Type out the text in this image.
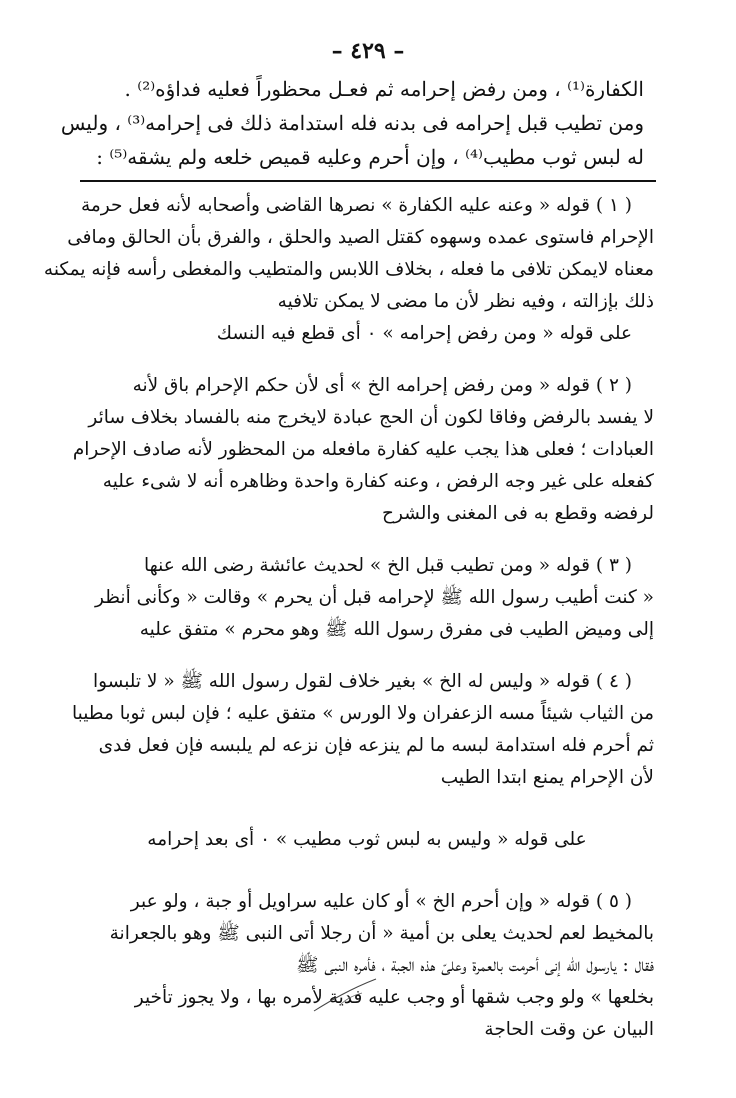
– ٤٢٩ –
الكفارة⁽¹⁾ ، ومن رفض إحرامه ثم فعـل محظوراً فعليه فداؤه⁽²⁾ .
ومن تطيب قبل إحرامه فى بدنه فله استدامة ذلك فى إحرامه⁽³⁾ ، وليس
له لبس ثوب مطيب⁽⁴⁾ ، وإن أحرم وعليه قميص خلعه ولم يشقه⁽⁵⁾ :
( ١ ) قوله « وعنه عليه الكفارة » نصرها القاضى وأصحابه لأنه فعل حرمة
الإحرام فاستوى عمده وسهوه كقتل الصيد والحلق ، والفرق بأن الحالق ومافى
معناه لايمكن تلافى ما فعله ، بخلاف اللابس والمتطيب والمغطى رأسه فإنه يمكنه
ذلك بإزالته ، وفيه نظر لأن ما مضى لا يمكن تلافيه
على قوله « ومن رفض إحرامه » ٠ أى قطع فيه النسك
( ٢ ) قوله « ومن رفض إحرامه الخ » أى لأن حكم الإحرام باق لأنه
لا يفسد بالرفض وفاقا لكون أن الحج عبادة لايخرج منه بالفساد بخلاف سائر
العبادات ؛ فعلى هذا يجب عليه كفارة مافعله من المحظور لأنه صادف الإحرام
كفعله على غير وجه الرفض ، وعنه كفارة واحدة وظاهره أنه لا شىء عليه
لرفضه وقطع به فى المغنى والشرح
( ٣ ) قوله « ومن تطيب قبل الخ » لحديث عائشة رضى الله عنها
« كنت أطيب رسول الله ﷺ لإحرامه قبل أن يحرم » وقالت « وكأنى أنظر
إلى وميض الطيب فى مفرق رسول الله ﷺ وهو محرم » متفق عليه
( ٤ ) قوله « وليس له الخ » بغير خلاف لقول رسول الله ﷺ « لا تلبسوا
من الثياب شيئاً مسه الزعفران ولا الورس » متفق عليه ؛ فإن لبس ثوبا مطيبا
ثم أحرم فله استدامة لبسه ما لم ينزعه فإن نزعه لم يلبسه فإن فعل فدى
لأن الإحرام يمنع ابتدا الطيب
على قوله « وليس به لبس ثوب مطيب » ٠ أى بعد إحرامه
( ٥ ) قوله « وإن أحرم الخ » أو كان عليه سراويل أو جبة ، ولو عبر
بالمخيط لعم لحديث يعلى بن أمية « أن رجلا أتى النبى ﷺ وهو بالجعرانة
فقال : يارسول الله إنى أحرمت بالعمرة وعلىّ هذه الجبة ، فأمره النبى ﷺ
بخلعها » ولو وجب شقها أو وجب عليه فدية لأمره بها ، ولا يجوز تأخير
البيان عن وقت الحاجة
